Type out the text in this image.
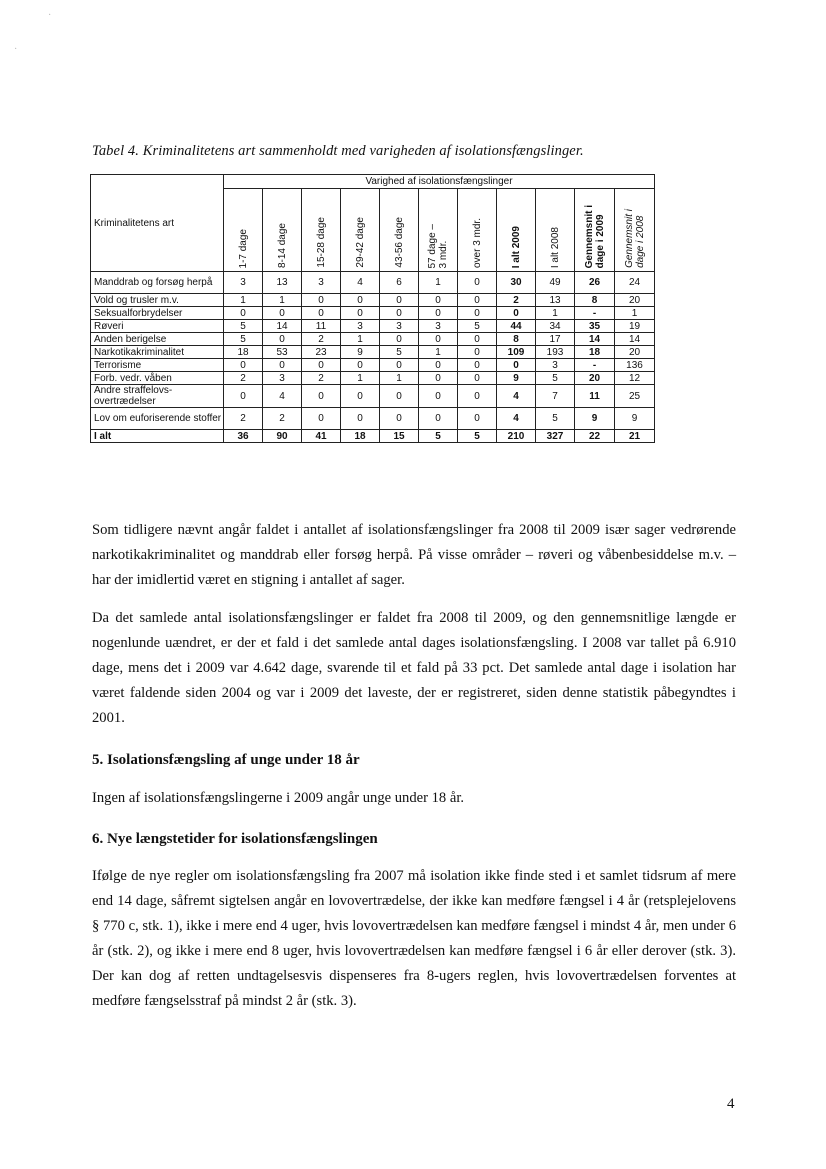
·
·
Tabel 4. Kriminalitetens art sammenholdt med varigheden af isolationsfængslinger.
Kriminalitetens art	Varighed af isolationsfængslinger										
	1-7 dage	8-14 dage	15-28 dage	29-42 dage	43-56 dage	57 dage –
3 mdr.	over 3 mdr.	I alt 2009	I alt 2008	Gennemsnit i
dage i 2009	Gennemsnit i
dage i 2008
Manddrab og forsøg herpå	3	13	3	4	6	1	0	30	49	26	24
Vold og trusler m.v.	1	1	0	0	0	0	0	2	13	8	20
Seksualforbrydelser	0	0	0	0	0	0	0	0	1	-	1
Røveri	5	14	11	3	3	3	5	44	34	35	19
Anden berigelse	5	0	2	1	0	0	0	8	17	14	14
Narkotikakriminalitet	18	53	23	9	5	1	0	109	193	18	20
Terrorisme	0	0	0	0	0	0	0	0	3	-	136
Forb. vedr. våben	2	3	2	1	1	0	0	9	5	20	12
Andre straffelovs-overtrædelser	0	4	0	0	0	0	0	4	7	11	25
Lov om euforiserende stoffer	2	2	0	0	0	0	0	4	5	9	9
I alt	36	90	41	18	15	5	5	210	327	22	21

Som tidligere nævnt angår faldet i antallet af isolationsfængslinger fra 2008 til 2009 især sager vedrørende narkotikakriminalitet og manddrab eller forsøg herpå. På visse områder – røveri og våbenbesiddelse m.v. – har der imidlertid været en stigning i antallet af sager.

Da det samlede antal isolationsfængslinger er faldet fra 2008 til 2009, og den gennemsnitlige længde er nogenlunde uændret, er der et fald i det samlede antal dages isolationsfængsling. I 2008 var tallet på 6.910 dage, mens det i 2009 var 4.642 dage, svarende til et fald på 33 pct. Det samlede antal dage i isolation har været faldende siden 2004 og var i 2009 det laveste, der er registreret, siden denne statistik påbegyndtes i 2001.

5. Isolationsfængsling af unge under 18 år

Ingen af isolationsfængslingerne i 2009 angår unge under 18 år.

6. Nye længstetider for isolationsfængslingen

Ifølge de nye regler om isolationsfængsling fra 2007 må isolation ikke finde sted i et samlet tidsrum af mere end 14 dage, såfremt sigtelsen angår en lovovertrædelse, der ikke kan medføre fængsel i 4 år (retsplejelovens § 770 c, stk. 1), ikke i mere end 4 uger, hvis lovovertrædelsen kan medføre fængsel i mindst 4 år, men under 6 år (stk. 2), og ikke i mere end 8 uger, hvis lovovertrædelsen kan medføre fængsel i 6 år eller derover (stk. 3). Der kan dog af retten undtagelsesvis dispenseres fra 8-ugers reglen, hvis lovovertrædelsen forventes at medføre fængselsstraf på mindst 2 år (stk. 3).

4
